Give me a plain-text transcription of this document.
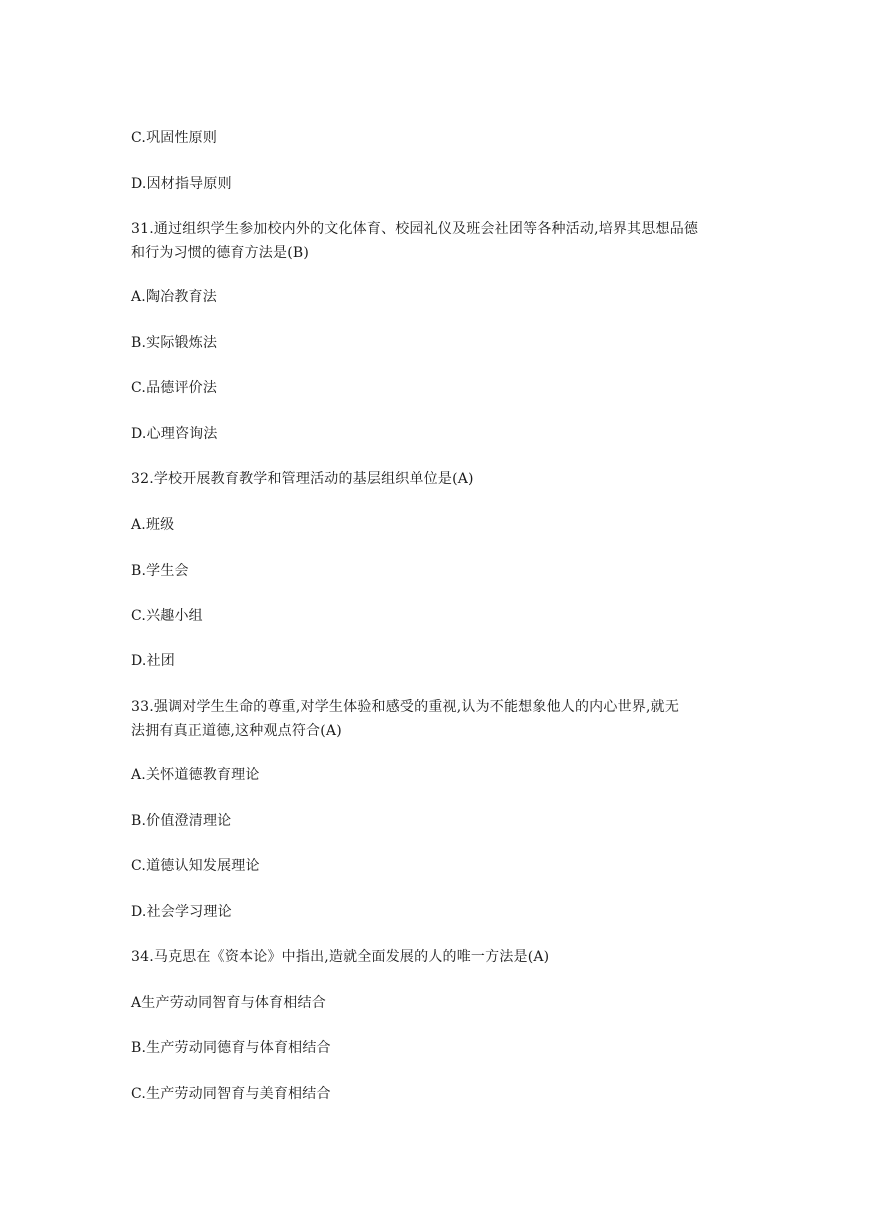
C.巩固性原则
D.因材指导原则
31.通过组织学生参加校内外的文化体育、校园礼仪及班会社团等各种活动,培界其思想品德
和行为习惯的德育方法是(B)
A.陶冶教育法
B.实际锻炼法
C.品德评价法
D.心理咨询法
32.学校开展教育教学和管理活动的基层组织单位是(A)
A.班级
B.学生会
C.兴趣小组
D.社团
33.强调对学生生命的尊重,对学生体验和感受的重视,认为不能想象他人的内心世界,就无
法拥有真正道德,这种观点符合(A)
A.关怀道德教育理论
B.价值澄清理论
C.道德认知发展理论
D.社会学习理论
34.马克思在《资本论》中指出,造就全面发展的人的唯一方法是(A)
A生产劳动同智育与体育相结合
B.生产劳动同德育与体育相结合
C.生产劳动同智育与美育相结合
